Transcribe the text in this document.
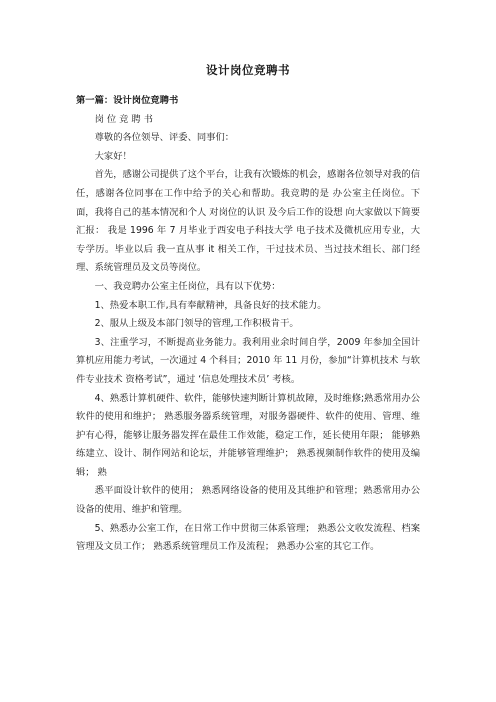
设计岗位竞聘书

第一篇：设计岗位竞聘书

岗 位 竞 聘 书

尊敬的各位领导、评委、同事们：

大家好！

首先，感谢公司提供了这个平台，让我有次锻炼的机会，感谢各位领导对我的信任，感谢各位同事在工作中给予的关心和帮助。我竞聘的是 办公室主任岗位。下面，我将自己的基本情况和个人 对岗位的认识 及今后工作的设想 向大家做以下简要汇报： 我是 1996 年 7 月毕业于西安电子科技大学 电子技术及微机应用专业，大专学历。毕业以后 我一直从事 it 相关工作，干过技术员、当过技术组长、部门经理、系统管理员及文员等岗位。

一、我竞聘办公室主任岗位，具有以下优势：

1、热爱本职工作,具有奉献精神，具备良好的技术能力。

2、服从上级及本部门领导的管理,工作积极肯干。

3、注重学习，不断提高业务能力。我利用业余时间自学，2009 年参加全国计算机应用能力考试，一次通过 4 个科目；2010 年 11 月份，参加“计算机技术 与软件专业技术 资格考试”，通过 ‘信息处理技术员’ 考核。

4、熟悉计算机硬件、软件，能够快速判断计算机故障，及时维修;熟悉常用办公软件的使用和维护； 熟悉服务器系统管理，对服务器硬件、软件的使用、管理、维护有心得，能够让服务器发挥在最佳工作效能，稳定工作，延长使用年限； 能够熟练建立、设计、制作网站和论坛，并能够管理维护； 熟悉视频制作软件的使用及编辑； 熟

悉平面设计软件的使用； 熟悉网络设备的使用及其维护和管理；熟悉常用办公设备的使用、维护和管理。

5、熟悉办公室工作，在日常工作中贯彻三体系管理； 熟悉公文收发流程、档案管理及文员工作； 熟悉系统管理员工作及流程； 熟悉办公室的其它工作。
